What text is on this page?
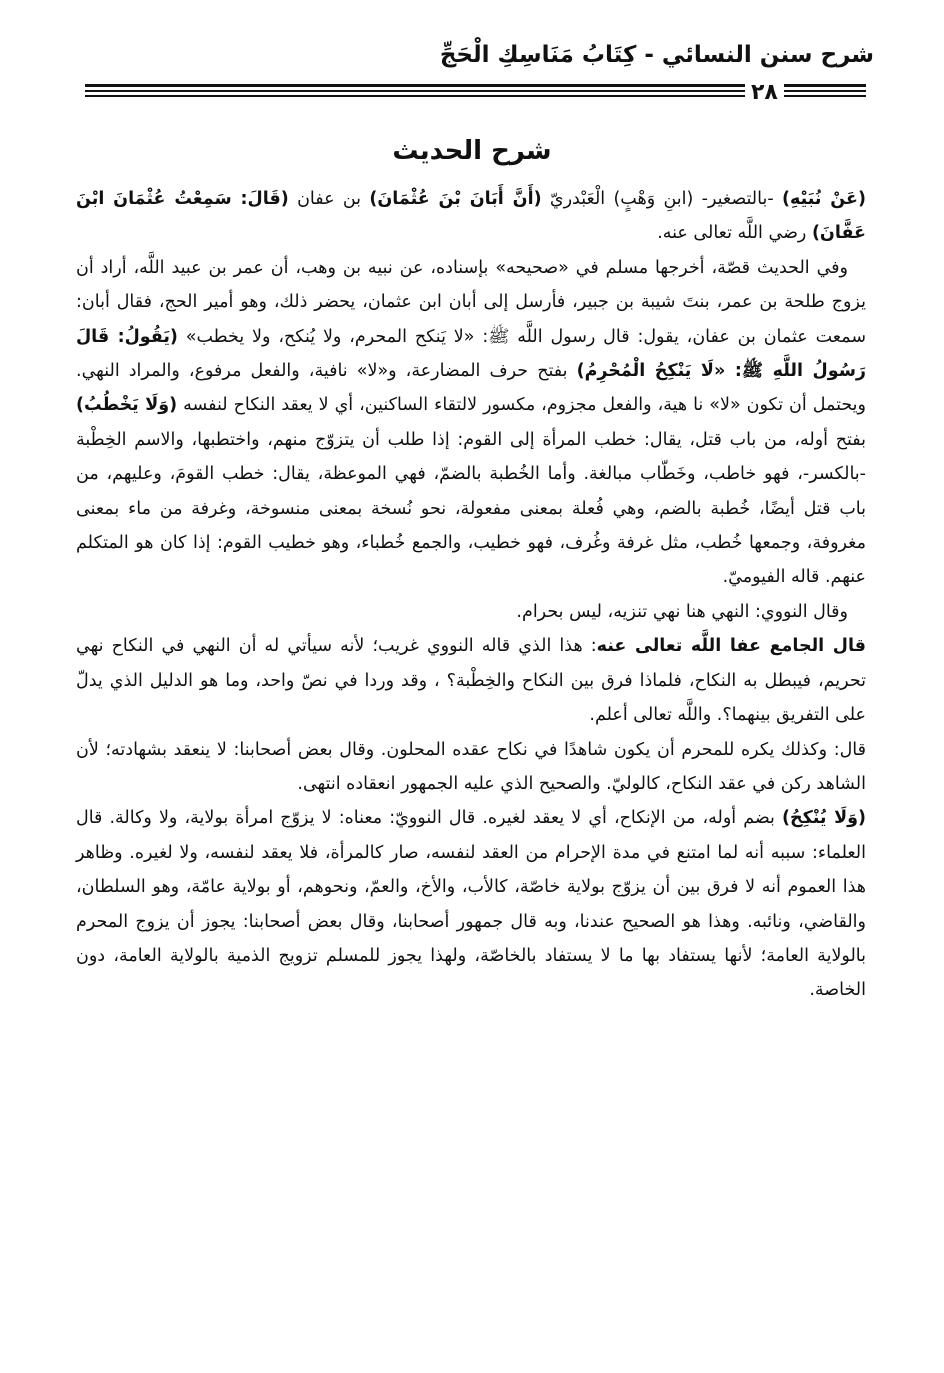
شرح سنن النسائي - كِتَابُ مَنَاسِكِ الْحَجِّ
٢٨
شرح الحديث

(عَنْ نُبَيْهِ) -بالتصغير- (ابنِ وَهْبٍ) الْعَبْدريّ (أَنَّ أَبَانَ بْنَ عُثْمَانَ) بن عفان (قَالَ: سَمِعْتُ عُثْمَانَ ابْنَ عَفَّانَ) رضي اللَّه تعالى عنه.

وفي الحديث قصّة، أخرجها مسلم في «صحيحه» بإسناده، عن نبيه بن وهب، أن عمر بن عبيد اللَّه، أراد أن يزوج طلحة بن عمر، بنتَ شيبة بن جبير، فأرسل إلى أبان ابن عثمان، يحضر ذلك، وهو أمير الحج، فقال أبان: سمعت عثمان بن عفان، يقول: قال رسول اللَّه ﷺ: «لا يَنكح المحرم، ولا يُنكح، ولا يخطب» (يَقُولُ: قَالَ رَسُولُ اللَّهِ ﷺ: «لَا يَنْكِحُ الْمُحْرِمُ) بفتح حرف المضارعة، و«لا» نافية، والفعل مرفوع، والمراد النهي. ويحتمل أن تكون «لا» نا هية، والفعل مجزوم، مكسور لالتقاء الساكنين، أي لا يعقد النكاح لنفسه (وَلَا يَخْطُبُ) بفتح أوله، من باب قتل، يقال: خطب المرأة إلى القوم: إذا طلب أن يتزوّج منهم، واختطبها، والاسم الخِطْبة -بالكسر-، فهو خاطب، وخَطّاب مبالغة. وأما الخُطبة بالضمّ، فهي الموعظة، يقال: خطب القومَ، وعليهم، من باب قتل أيضًا، خُطبة بالضم، وهي فُعلة بمعنى مفعولة، نحو نُسخة بمعنى منسوخة، وغرفة من ماء بمعنى مغروفة، وجمعها خُطب، مثل غرفة وغُرف، فهو خطيب، والجمع خُطباء، وهو خطيب القوم: إذا كان هو المتكلم عنهم. قاله الفيوميّ.

وقال النووي: النهي هنا نهي تنزيه، ليس بحرام.

قال الجامع عفا اللَّه تعالى عنه: هذا الذي قاله النووي غريب؛ لأنه سيأتي له أن النهي في النكاح نهي تحريم، فيبطل به النكاح، فلماذا فرق بين النكاح والخِطْبة؟ ، وقد وردا في نصّ واحد، وما هو الدليل الذي يدلّ على التفريق بينهما؟. واللَّه تعالى أعلم.

قال: وكذلك يكره للمحرم أن يكون شاهدًا في نكاح عقده المحلون. وقال بعض أصحابنا: لا ينعقد بشهادته؛ لأن الشاهد ركن في عقد النكاح، كالوليّ. والصحيح الذي عليه الجمهور انعقاده انتهى.

(وَلَا يُنْكِحُ) بضم أوله، من الإنكاح، أي لا يعقد لغيره. قال النوويّ: معناه: لا يزوّج امرأة بولاية، ولا وكالة. قال العلماء: سببه أنه لما امتنع في مدة الإحرام من العقد لنفسه، صار كالمرأة، فلا يعقد لنفسه، ولا لغيره. وظاهر هذا العموم أنه لا فرق بين أن يزوّج بولاية خاصّة، كالأب، والأخ، والعمّ، ونحوهم، أو بولاية عامّة، وهو السلطان، والقاضي، ونائبه. وهذا هو الصحيح عندنا، وبه قال جمهور أصحابنا، وقال بعض أصحابنا: يجوز أن يزوج المحرم بالولاية العامة؛ لأنها يستفاد بها ما لا يستفاد بالخاصّة، ولهذا يجوز للمسلم تزويج الذمية بالولاية العامة، دون الخاصة.
